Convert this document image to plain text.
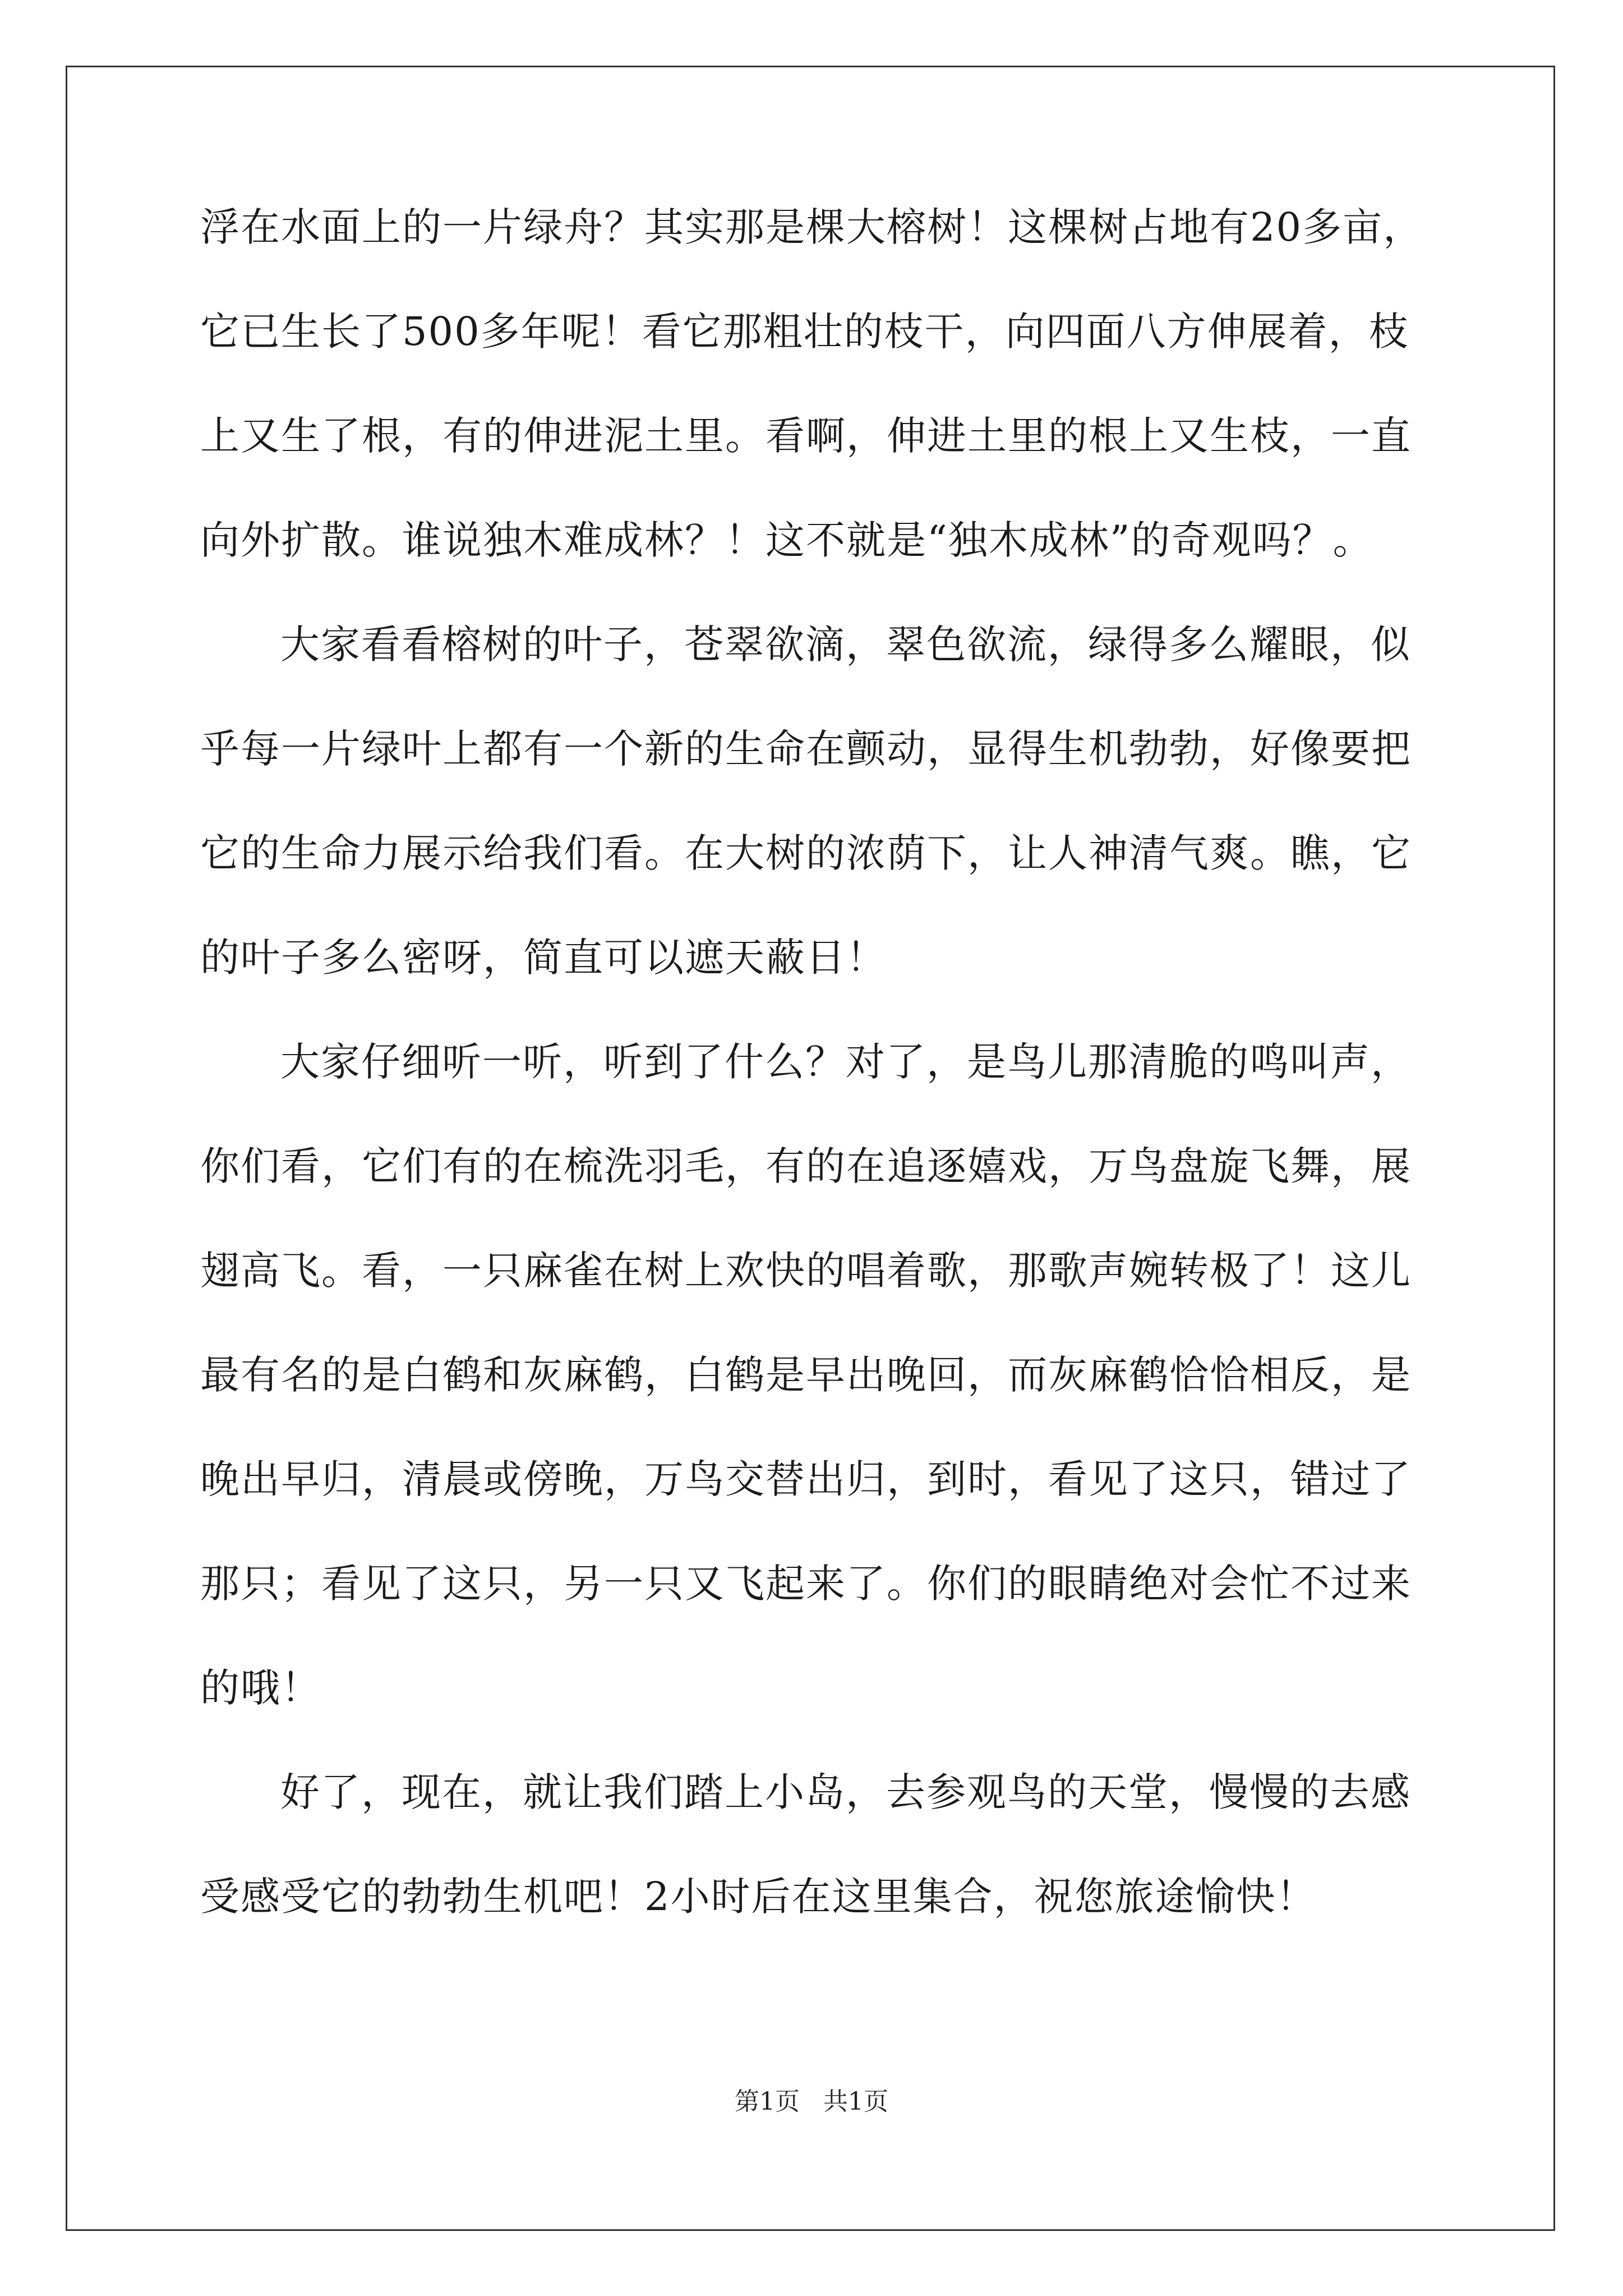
浮在水面上的一片绿舟？其实那是棵大榕树！这棵树占地有20多亩，
它已生长了500多年呢！看它那粗壮的枝干，向四面八方伸展着，枝
上又生了根，有的伸进泥土里。看啊，伸进土里的根上又生枝，一直
向外扩散。谁说独木难成林？！这不就是“独木成林”的奇观吗？。
大家看看榕树的叶子，苍翠欲滴，翠色欲流，绿得多么耀眼，似
乎每一片绿叶上都有一个新的生命在颤动，显得生机勃勃，好像要把
它的生命力展示给我们看。在大树的浓荫下，让人神清气爽。瞧，它
的叶子多么密呀，简直可以遮天蔽日！
大家仔细听一听，听到了什么？对了，是鸟儿那清脆的鸣叫声，
你们看，它们有的在梳洗羽毛，有的在追逐嬉戏，万鸟盘旋飞舞，展
翅高飞。看，一只麻雀在树上欢快的唱着歌，那歌声婉转极了！这儿
最有名的是白鹤和灰麻鹤，白鹤是早出晚回，而灰麻鹤恰恰相反，是
晚出早归，清晨或傍晚，万鸟交替出归，到时，看见了这只，错过了
那只；看见了这只，另一只又飞起来了。你们的眼睛绝对会忙不过来
的哦！
好了，现在，就让我们踏上小岛，去参观鸟的天堂，慢慢的去感
受感受它的勃勃生机吧！2小时后在这里集合，祝您旅途愉快！
第1页   共1页
